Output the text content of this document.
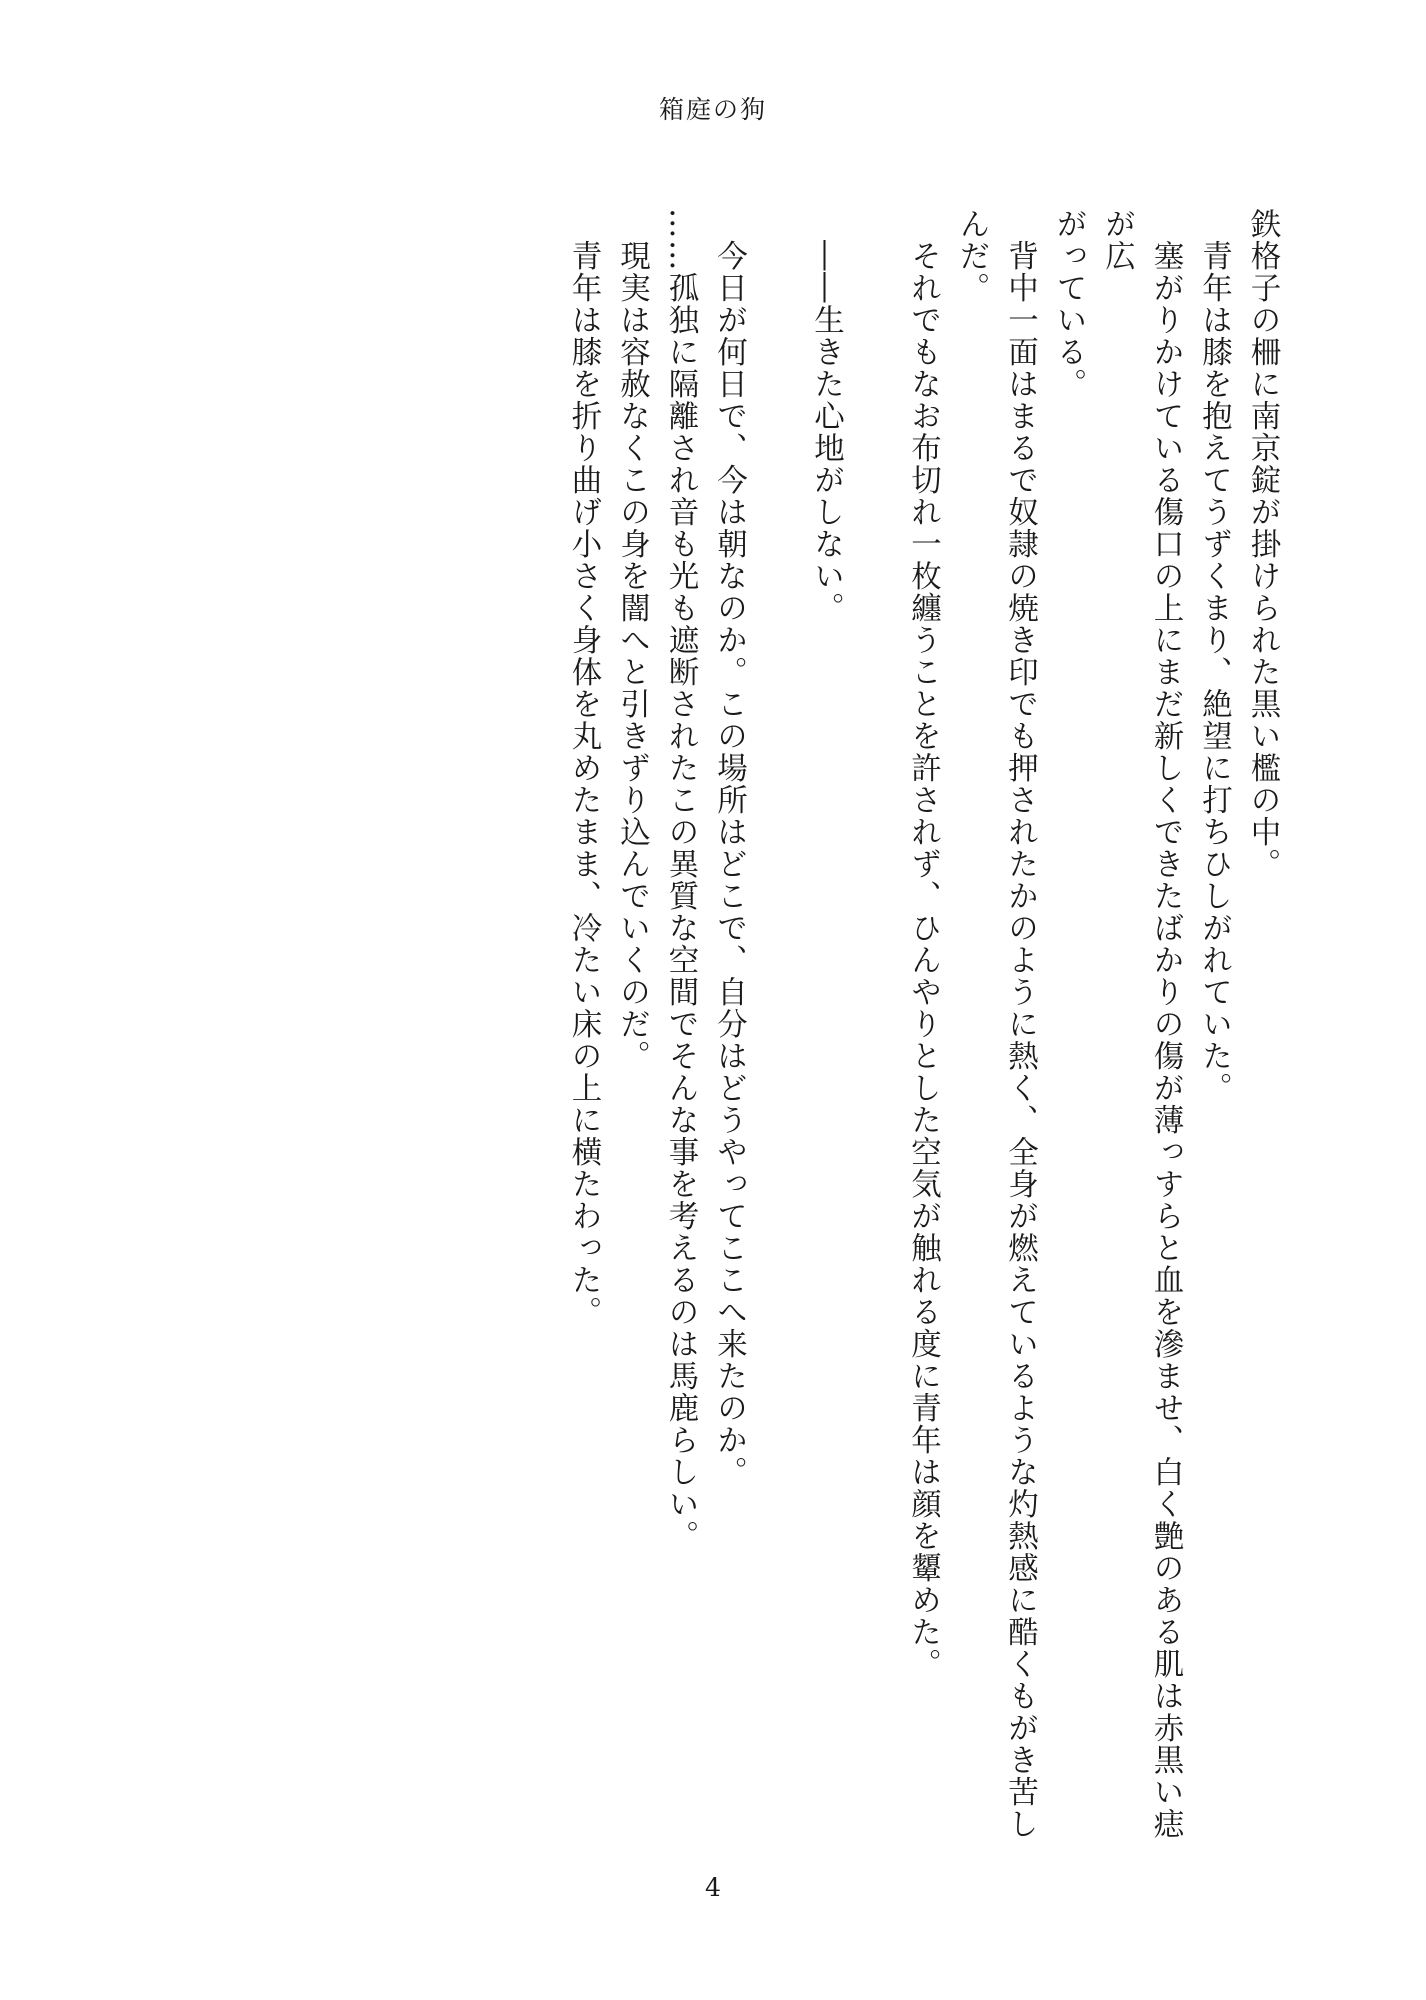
箱庭の狗

鉄格子の柵に南京錠が掛けられた黒い檻の中。

　青年は膝を抱えてうずくまり、絶望に打ちひしがれていた。

　塞がりかけている傷口の上にまだ新しくできたばかりの傷が薄っすらと血を滲ませ、白く艶のある肌は赤黒い痣が広

がっている。

　背中一面はまるで奴隷の焼き印でも押されたかのように熱く、全身が燃えているような灼熱感に酷くもがき苦しんだ。

　それでもなお布切れ一枚纏うことを許されず、ひんやりとした空気が触れる度に青年は顔を顰めた。

　――生きた心地がしない。

　今日が何日で、今は朝なのか。この場所はどこで、自分はどうやってここへ来たのか。

……孤独に隔離され音も光も遮断されたこの異質な空間でそんな事を考えるのは馬鹿らしい。

　現実は容赦なくこの身を闇へと引きずり込んでいくのだ。

　青年は膝を折り曲げ小さく身体を丸めたまま、冷たい床の上に横たわった。

4
